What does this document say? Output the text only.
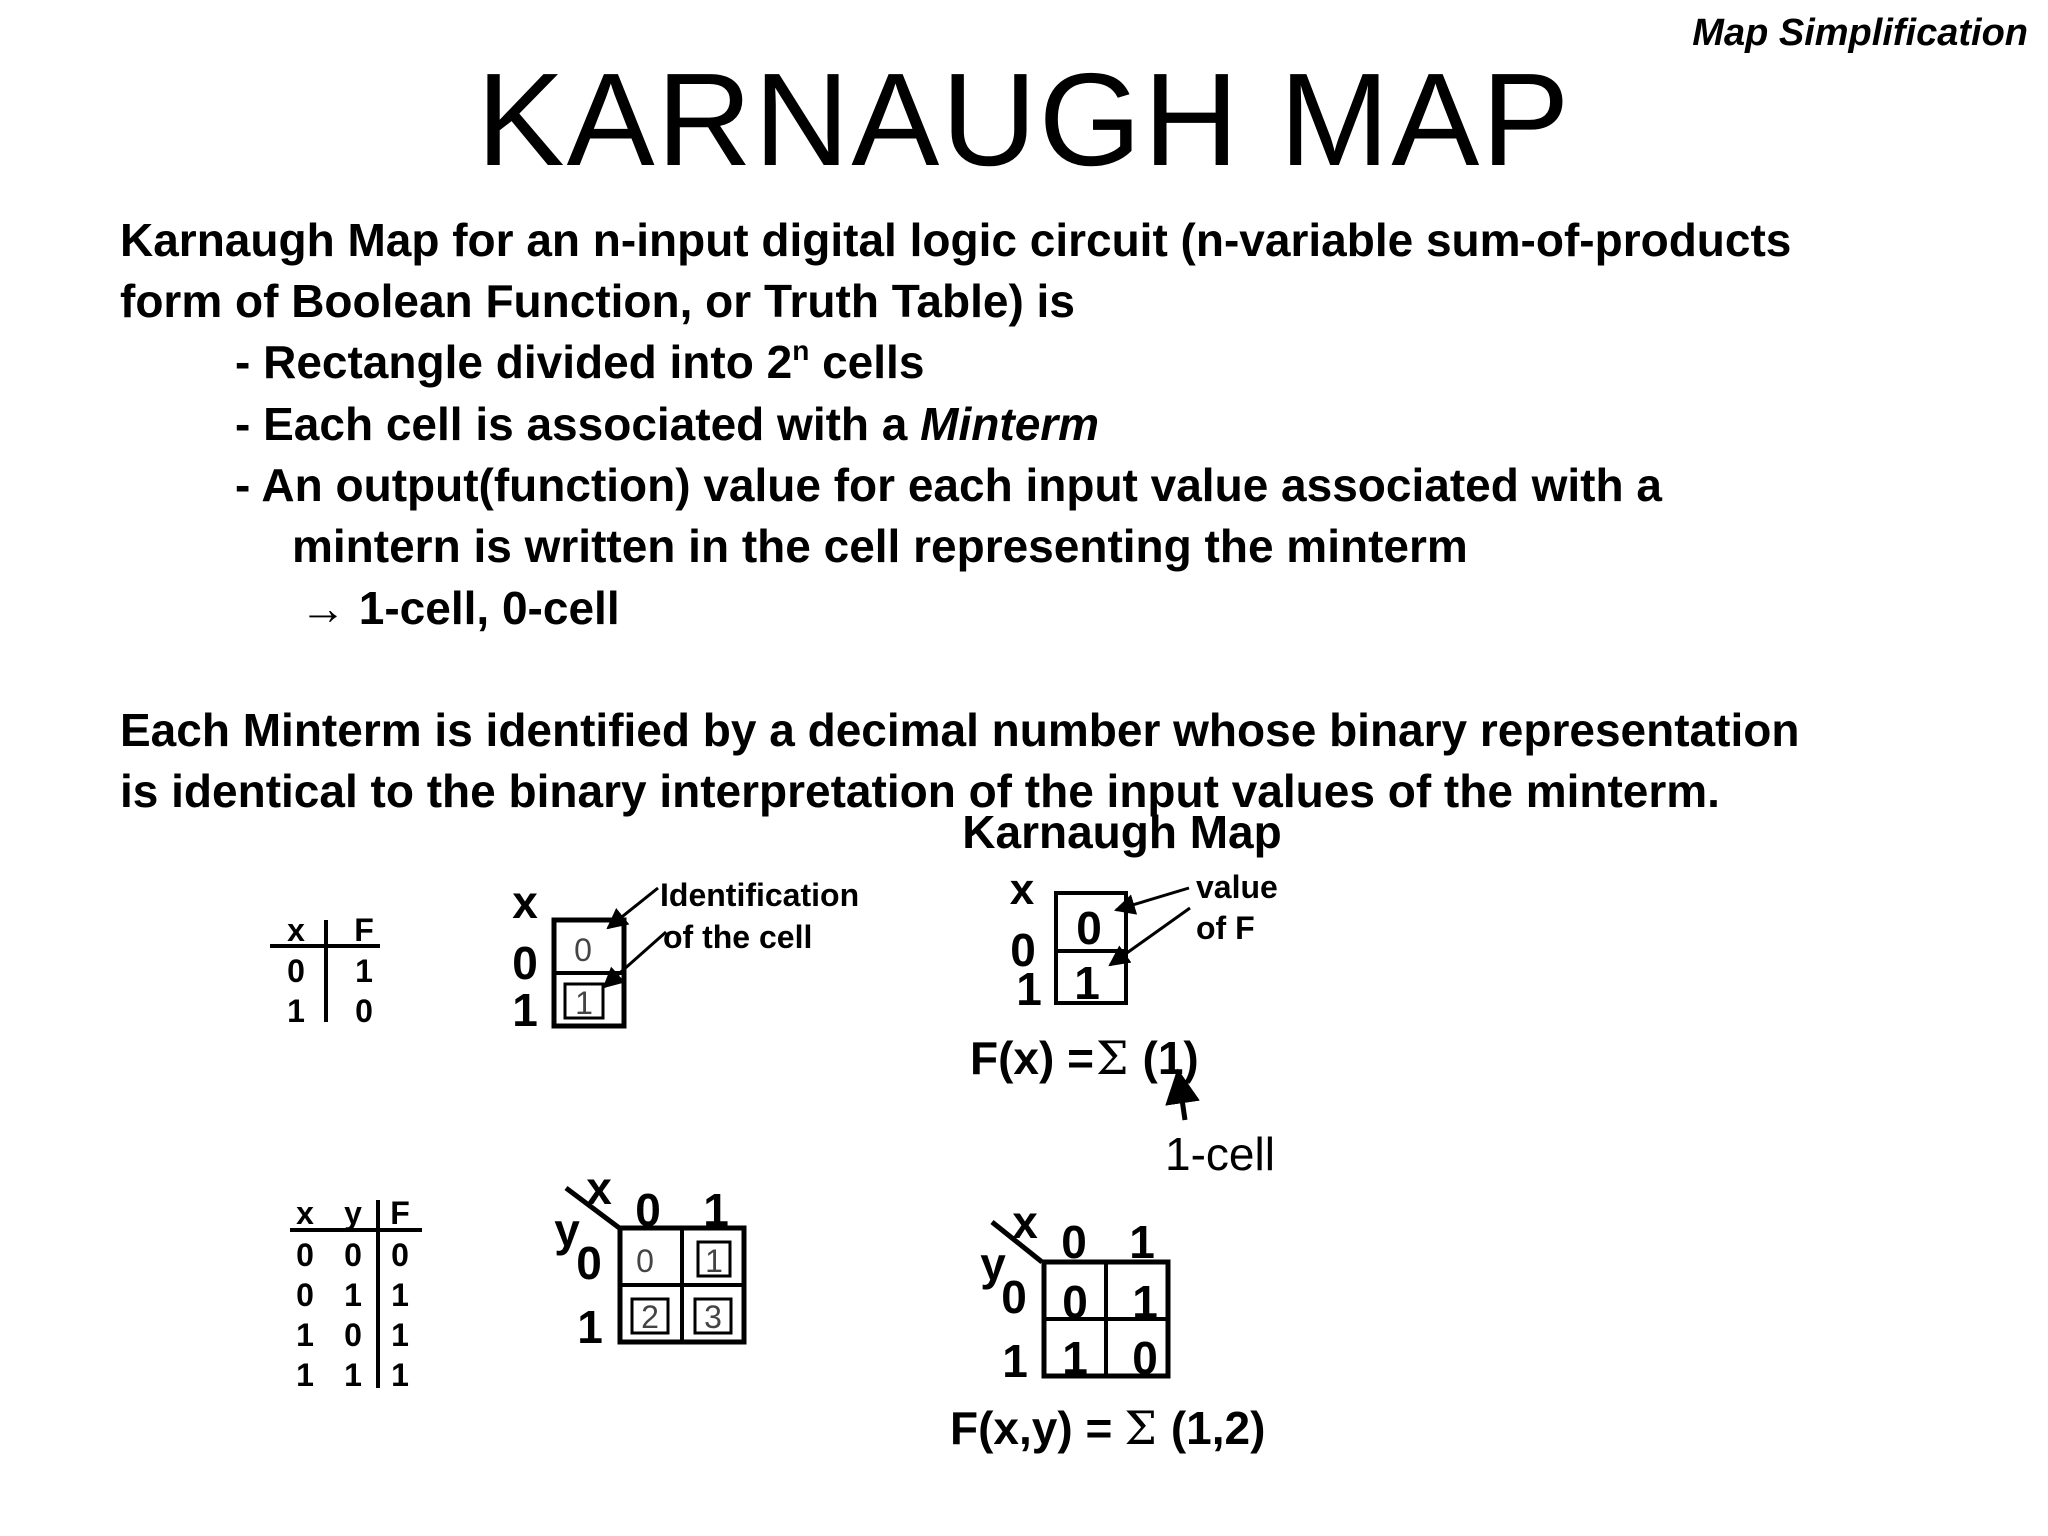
Map Simplification
KARNAUGH MAP
Karnaugh Map for an n-input digital logic circuit (n-variable sum-of-products
form of Boolean Function, or Truth Table) is
- Rectangle divided into 2$^n$ cells
- Each cell is associated with a Minterm
- An output(function) value for each input value associated with a
mintern is written in the cell representing the minterm
→ 1-cell, 0-cell
Each Minterm is identified by a decimal number whose binary representation
is identical to the binary interpretation of the input values of the minterm.
x F
0 1
1 0
x
0
1
0
1
Identification
of the cell
Karnaugh Map
x
0
1
0
1
value
of F
F(x) =Σ (1)
1-cell
x y F
0 0 0
0 1 1
1 0 1
1 1 1
x
y 0 1
0
1
0 1
2 3
x
y 0 1
0
1
0 1
1 0
F(x,y) = Σ (1,2)
